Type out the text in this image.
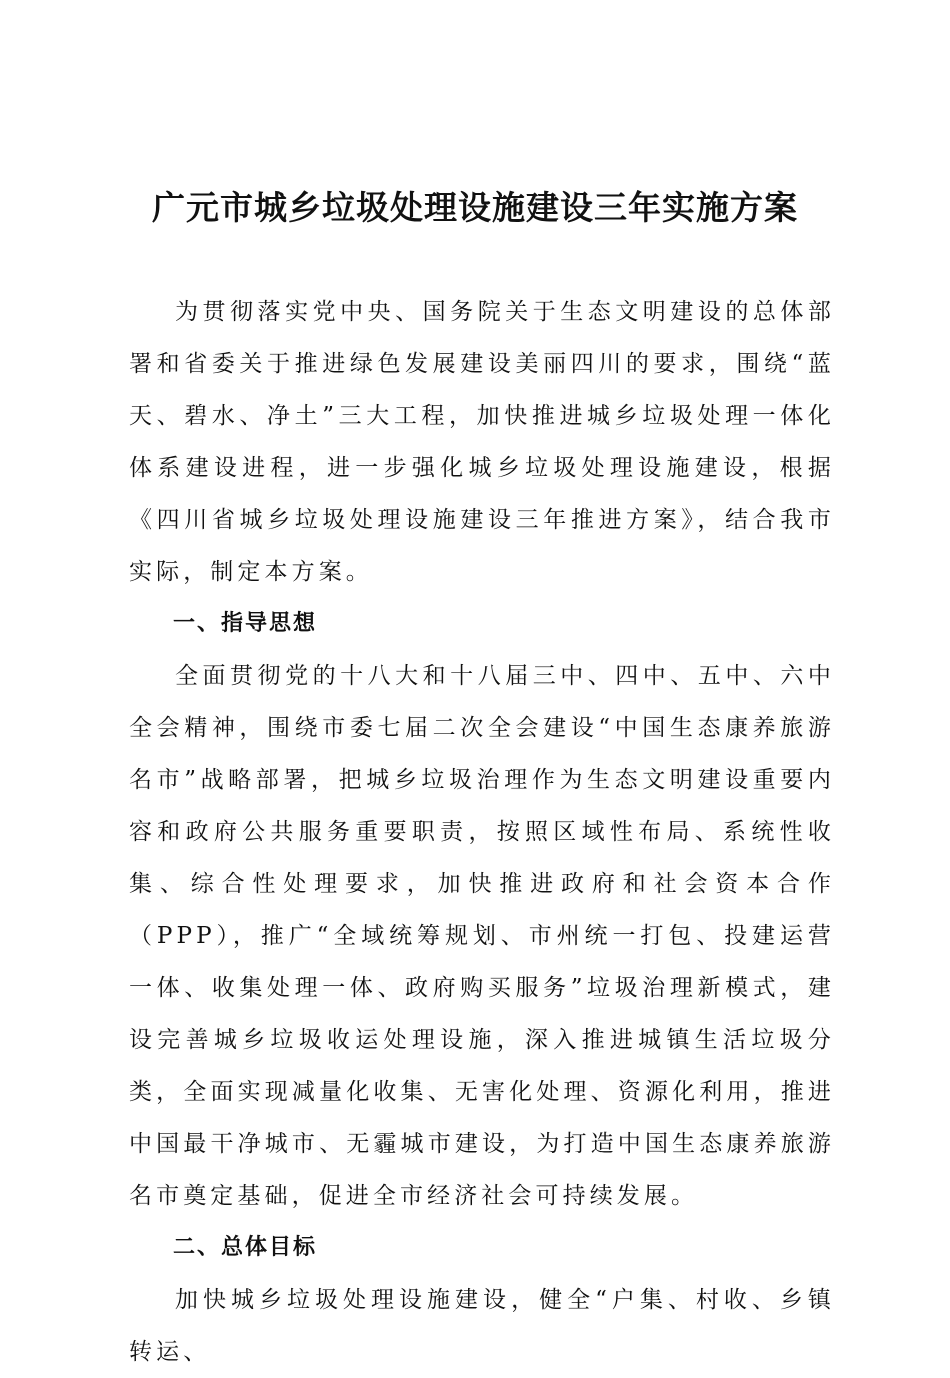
广元市城乡垃圾处理设施建设三年实施方案

为贯彻落实党中央、国务院关于生态文明建设的总体部署和省委关于推进绿色发展建设美丽四川的要求，围绕“蓝天、碧水、净土”三大工程，加快推进城乡垃圾处理一体化体系建设进程，进一步强化城乡垃圾处理设施建设，根据《四川省城乡垃圾处理设施建设三年推进方案》，结合我市实际，制定本方案。

一、指导思想

全面贯彻党的十八大和十八届三中、四中、五中、六中全会精神，围绕市委七届二次全会建设“中国生态康养旅游名市”战略部署，把城乡垃圾治理作为生态文明建设重要内容和政府公共服务重要职责，按照区域性布局、系统性收集、综合性处理要求，加快推进政府和社会资本合作（PPP），推广“全域统筹规划、市州统一打包、投建运营一体、收集处理一体、政府购买服务”垃圾治理新模式，建设完善城乡垃圾收运处理设施，深入推进城镇生活垃圾分类，全面实现减量化收集、无害化处理、资源化利用，推进中国最干净城市、无霾城市建设，为打造中国生态康养旅游名市奠定基础，促进全市经济社会可持续发展。

二、总体目标

加快城乡垃圾处理设施建设，健全“户集、村收、乡镇转运、
